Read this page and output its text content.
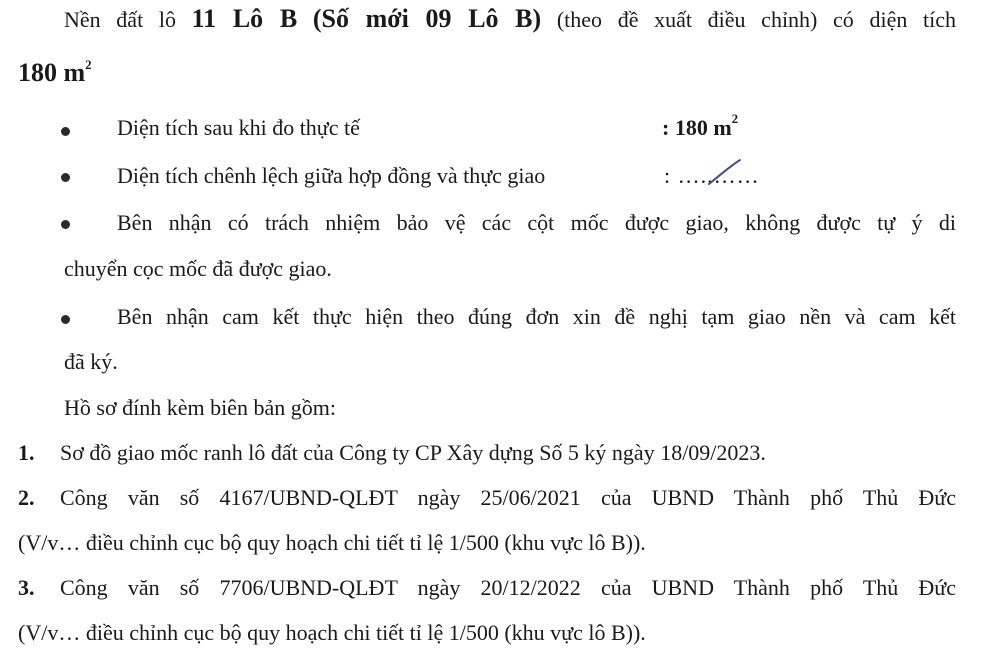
Nền đất lô 11 Lô B (Số mới 09 Lô B) (theo đề xuất điều chỉnh) có diện tích
180 $m^2$
Diện tích sau khi đo thực tế	: 180 $m^2$
Diện tích chênh lệch giữa hợp đồng và thực giao	: …..……
Bên nhận có trách nhiệm bảo vệ các cột mốc được giao, không được tự ý di
chuyển cọc mốc đã được giao.
Bên nhận cam kết thực hiện theo đúng đơn xin đề nghị tạm giao nền và cam kết
đã ký.
Hồ sơ đính kèm biên bản gồm:
1. Sơ đồ giao mốc ranh lô đất của Công ty CP Xây dựng Số 5 ký ngày 18/09/2023.
2.	Công văn số 4167/UBND-QLĐT ngày 25/06/2021 của UBND Thành phố Thủ Đức
(V/v… điều chỉnh cục bộ quy hoạch chi tiết tỉ lệ 1/500 (khu vực lô B)).
3.	Công văn số 7706/UBND-QLĐT ngày 20/12/2022 của UBND Thành phố Thủ Đức
(V/v… điều chỉnh cục bộ quy hoạch chi tiết tỉ lệ 1/500 (khu vực lô B)).
